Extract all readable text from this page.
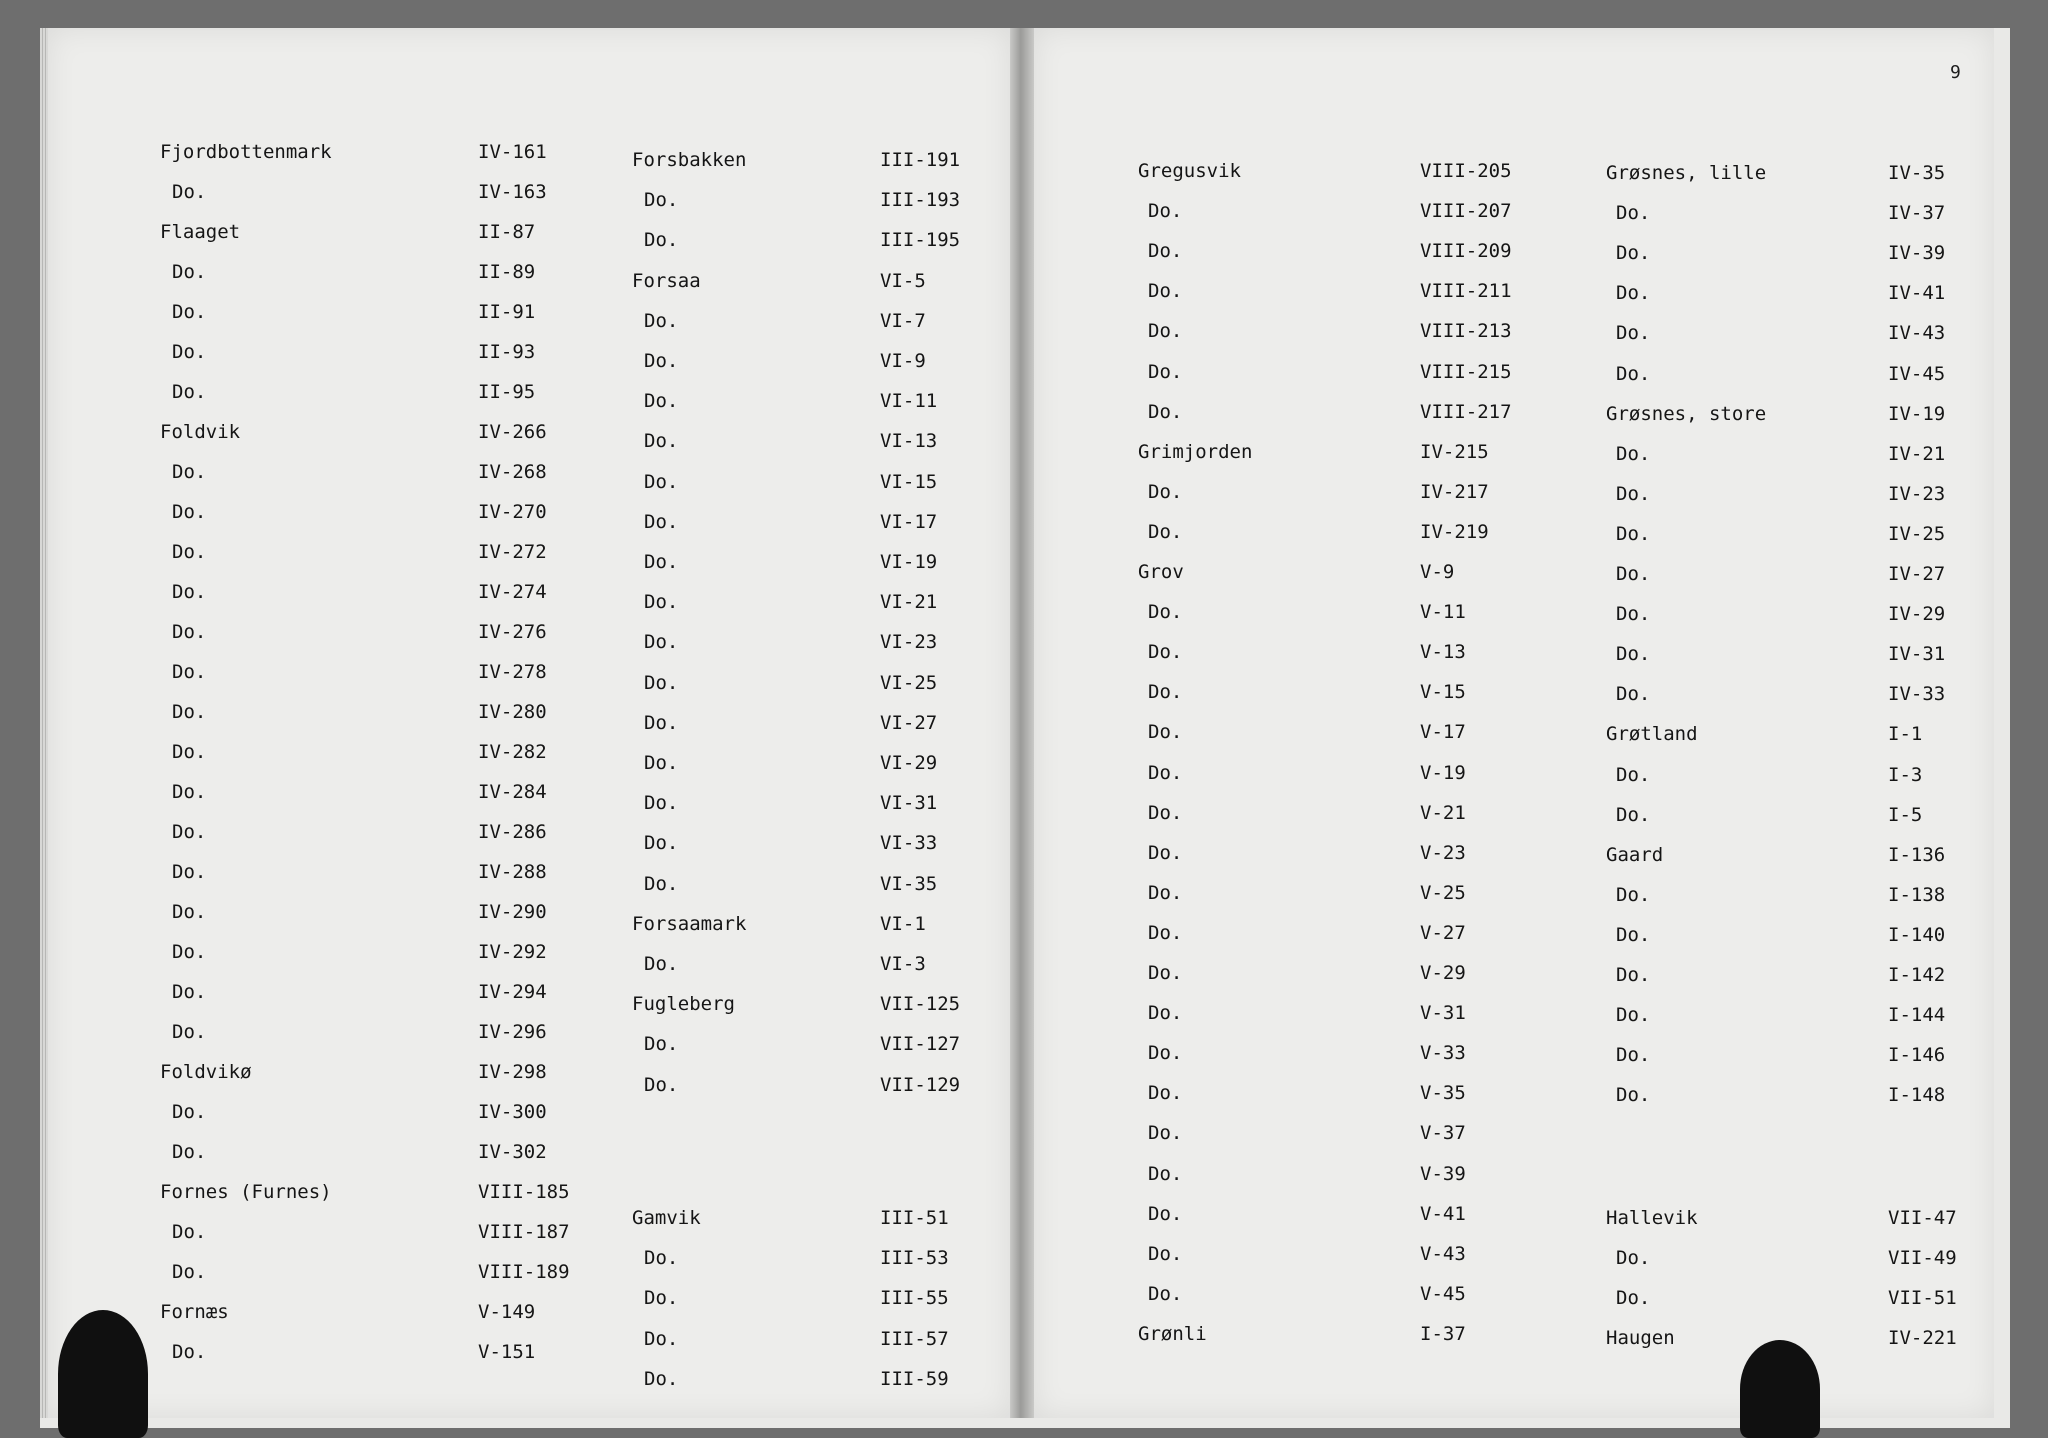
9
Fjordbottenmark	IV-161
Do.	IV-163
Flaaget	II-87
Do.	II-89
Do.	II-91
Do.	II-93
Do.	II-95
Foldvik	IV-266
Do.	IV-268
Do.	IV-270
Do.	IV-272
Do.	IV-274
Do.	IV-276
Do.	IV-278
Do.	IV-280
Do.	IV-282
Do.	IV-284
Do.	IV-286
Do.	IV-288
Do.	IV-290
Do.	IV-292
Do.	IV-294
Do.	IV-296
Foldvikø	IV-298
Do.	IV-300
Do.	IV-302
Fornes (Furnes)	VIII-185
Do.	VIII-187
Do.	VIII-189
Fornæs	V-149
Do.	V-151
Forsbakken	III-191
Do.	III-193
Do.	III-195
Forsaa	VI-5
Do.	VI-7
Do.	VI-9
Do.	VI-11
Do.	VI-13
Do.	VI-15
Do.	VI-17
Do.	VI-19
Do.	VI-21
Do.	VI-23
Do.	VI-25
Do.	VI-27
Do.	VI-29
Do.	VI-31
Do.	VI-33
Do.	VI-35
Forsaamark	VI-1
Do.	VI-3
Fugleberg	VII-125
Do.	VII-127
Do.	VII-129
Gamvik	III-51
Do.	III-53
Do.	III-55
Do.	III-57
Do.	III-59
Gregusvik	VIII-205
Do.	VIII-207
Do.	VIII-209
Do.	VIII-211
Do.	VIII-213
Do.	VIII-215
Do.	VIII-217
Grimjorden	IV-215
Do.	IV-217
Do.	IV-219
Grov	V-9
Do.	V-11
Do.	V-13
Do.	V-15
Do.	V-17
Do.	V-19
Do.	V-21
Do.	V-23
Do.	V-25
Do.	V-27
Do.	V-29
Do.	V-31
Do.	V-33
Do.	V-35
Do.	V-37
Do.	V-39
Do.	V-41
Do.	V-43
Do.	V-45
Grønli	I-37
Grøsnes, lille	IV-35
Do.	IV-37
Do.	IV-39
Do.	IV-41
Do.	IV-43
Do.	IV-45
Grøsnes, store	IV-19
Do.	IV-21
Do.	IV-23
Do.	IV-25
Do.	IV-27
Do.	IV-29
Do.	IV-31
Do.	IV-33
Grøtland	I-1
Do.	I-3
Do.	I-5
Gaard	I-136
Do.	I-138
Do.	I-140
Do.	I-142
Do.	I-144
Do.	I-146
Do.	I-148
Hallevik	VII-47
Do.	VII-49
Do.	VII-51
Haugen	IV-221
